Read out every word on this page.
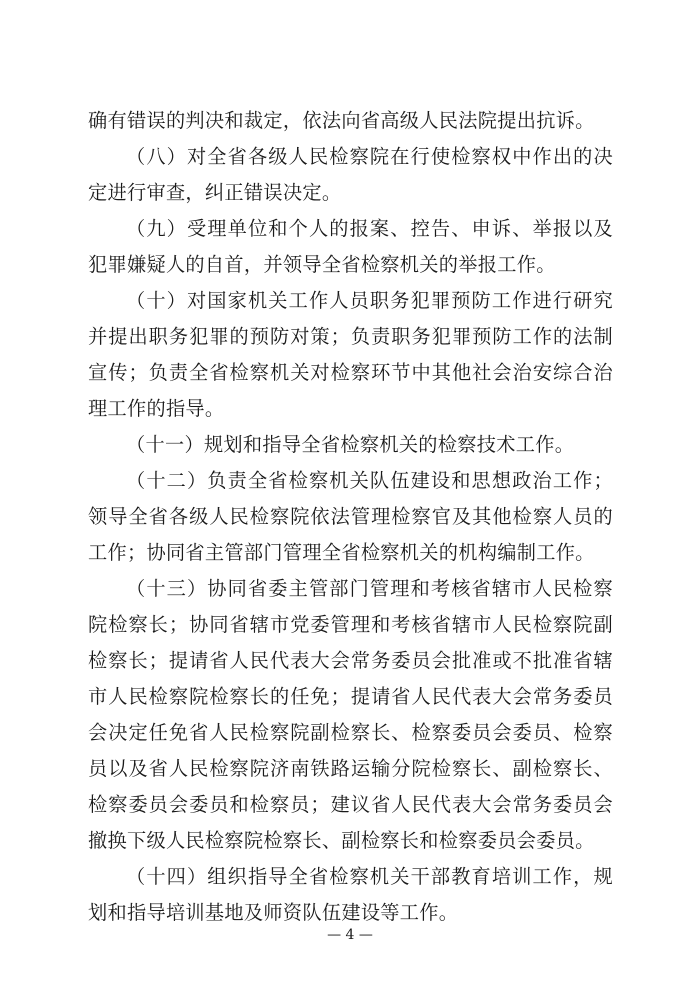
确有错误的判决和裁定，依法向省高级人民法院提出抗诉。

（八）对全省各级人民检察院在行使检察权中作出的决定进行审查，纠正错误决定。

（九）受理单位和个人的报案、控告、申诉、举报以及犯罪嫌疑人的自首，并领导全省检察机关的举报工作。

（十）对国家机关工作人员职务犯罪预防工作进行研究并提出职务犯罪的预防对策；负责职务犯罪预防工作的法制宣传；负责全省检察机关对检察环节中其他社会治安综合治理工作的指导。

（十一）规划和指导全省检察机关的检察技术工作。

（十二）负责全省检察机关队伍建设和思想政治工作；领导全省各级人民检察院依法管理检察官及其他检察人员的工作；协同省主管部门管理全省检察机关的机构编制工作。

（十三）协同省委主管部门管理和考核省辖市人民检察院检察长；协同省辖市党委管理和考核省辖市人民检察院副检察长；提请省人民代表大会常务委员会批准或不批准省辖市人民检察院检察长的任免；提请省人民代表大会常务委员会决定任免省人民检察院副检察长、检察委员会委员、检察员以及省人民检察院济南铁路运输分院检察长、副检察长、检察委员会委员和检察员；建议省人民代表大会常务委员会撤换下级人民检察院检察长、副检察长和检察委员会委员。

（十四）组织指导全省检察机关干部教育培训工作，规划和指导培训基地及师资队伍建设等工作。

— 4 —
